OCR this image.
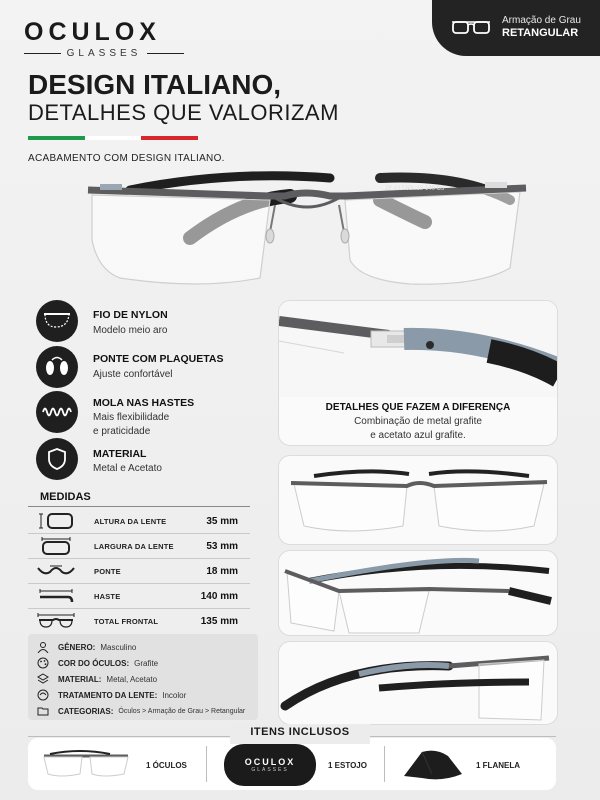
OCULOX
GLASSES
Armação de Grau
RETANGULAR
DESIGN ITALIANO,
DETALHES QUE VALORIZAM
ACABAMENTO COM DESIGN ITALIANO.
ZF-017 53□18-140 C5
FIO DE NYLON
Modelo meio aro
PONTE COM PLAQUETAS
Ajuste confortável
MOLA NAS HASTES
Mais flexibilidade
e praticidade
MATERIAL
Metal e Acetato
DETALHES QUE FAZEM A DIFERENÇA
Combinação de metal grafite
e acetato azul grafite.
MEDIDAS
ALTURA DA LENTE	35 mm
LARGURA DA LENTE	53 mm
PONTE	18 mm
HASTE	140 mm
TOTAL FRONTAL	135 mm
GÊNERO: Masculino
COR DO ÓCULOS: Grafite
MATERIAL: Metal, Acetato
TRATAMENTO DA LENTE: Incolor
CATEGORIAS: Óculos > Armação de Grau > Retangular
ITENS INCLUSOS
1 ÓCULOS	OCULOX
GLASSES	1 ESTOJO	1 FLANELA
